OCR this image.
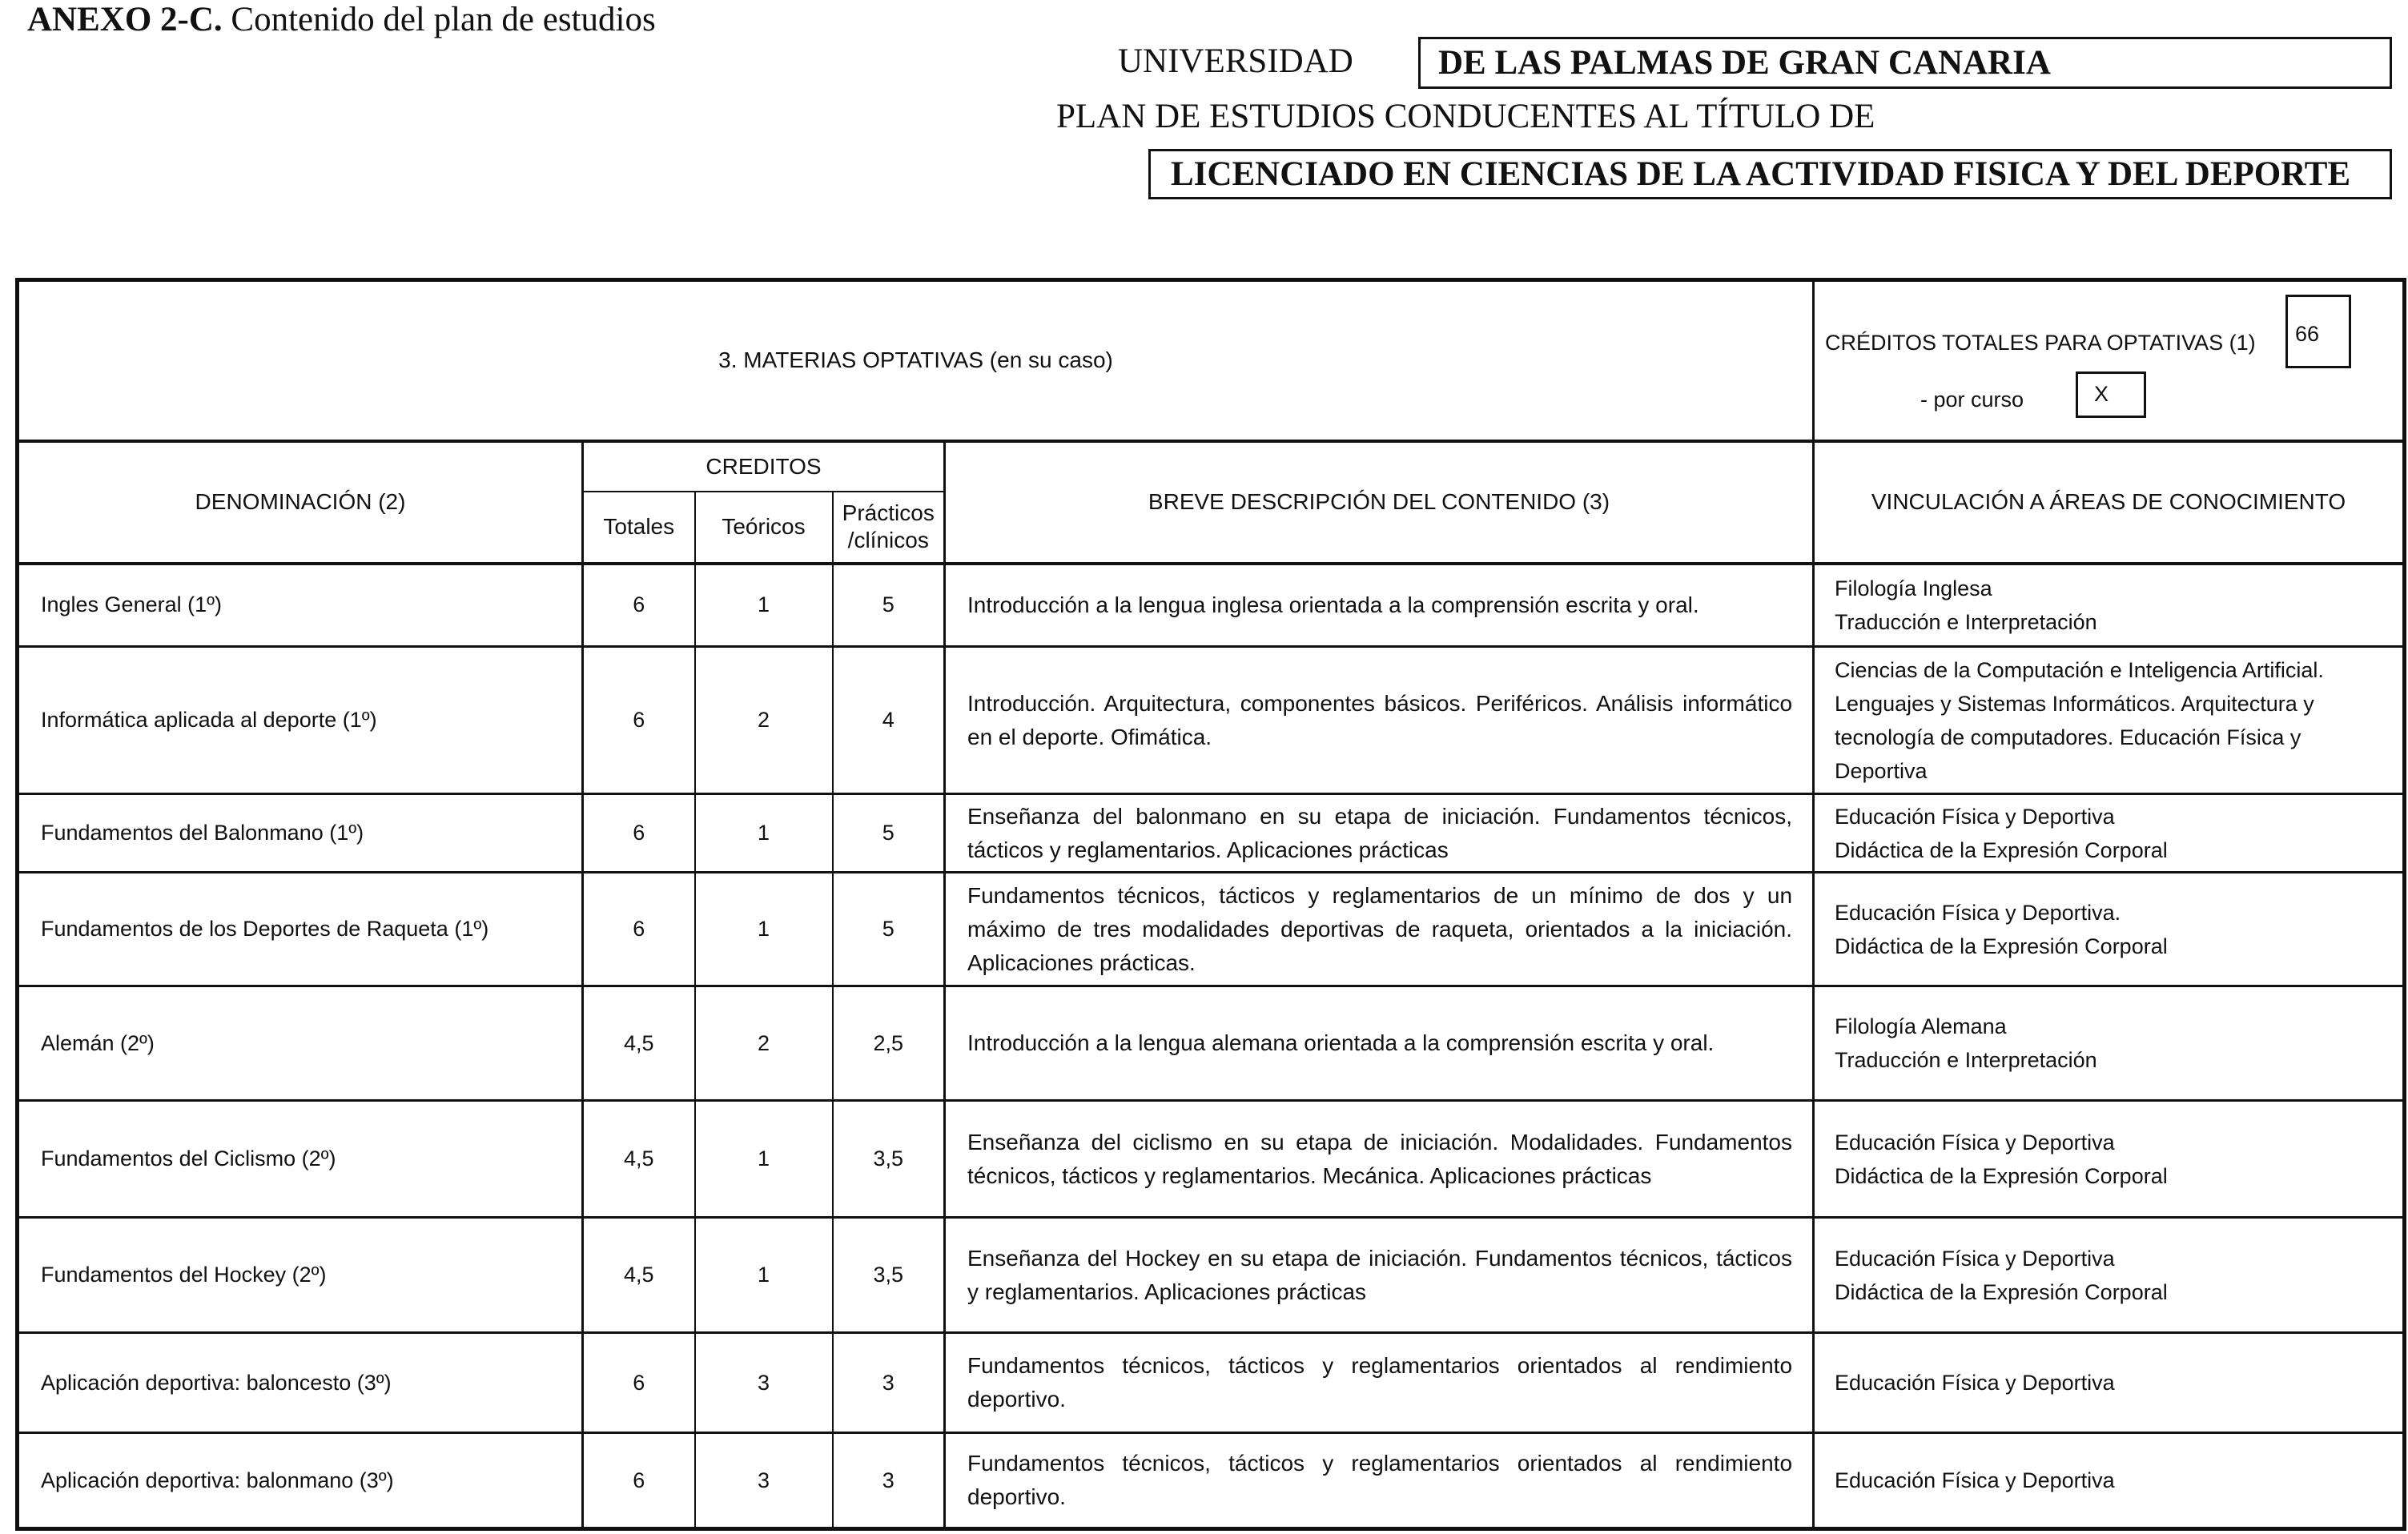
ANEXO 2-C. Contenido del plan de estudios
UNIVERSIDAD DE LAS PALMAS DE GRAN CANARIA
PLAN DE ESTUDIOS CONDUCENTES AL TÍTULO DE
LICENCIADO EN CIENCIAS DE LA ACTIVIDAD FISICA Y DEL DEPORTE
3. MATERIAS OPTATIVAS (en su caso)					CRÉDITOS TOTALES PARA OPTATIVAS (1) 66
- por curso X

DENOMINACIÓN (2)	CREDITOS			BREVE DESCRIPCIÓN DEL CONTENIDO (3)	VINCULACIÓN A ÁREAS DE CONOCIMIENTO
	Totales	Teóricos	Prácticos
/clínicos		
Ingles General (1º)	6	1	5	Introducción a la lengua inglesa orientada a la comprensión escrita y oral.	Filología Inglesa
Traducción e Interpretación
Informática aplicada al deporte (1º)	6	2	4	Introducción. Arquitectura, componentes básicos. Periféricos. Análisis informático en el deporte. Ofimática.	Ciencias de la Computación e Inteligencia Artificial.
Lenguajes y Sistemas Informáticos. Arquitectura y
tecnología de computadores. Educación Física y
Deportiva
Fundamentos del Balonmano (1º)	6	1	5	Enseñanza del balonmano en su etapa de iniciación. Fundamentos técnicos, tácticos y reglamentarios. Aplicaciones prácticas	Educación Física y Deportiva
Didáctica de la Expresión Corporal
Fundamentos de los Deportes de Raqueta (1º)	6	1	5	Fundamentos técnicos, tácticos y reglamentarios de un mínimo de dos y un máximo de tres modalidades deportivas de raqueta, orientados a la iniciación. Aplicaciones prácticas.	Educación Física y Deportiva.
Didáctica de la Expresión Corporal
Alemán (2º)	4,5	2	2,5	Introducción a la lengua alemana orientada a la comprensión escrita y oral.	Filología Alemana
Traducción e Interpretación
Fundamentos del Ciclismo (2º)	4,5	1	3,5	Enseñanza del ciclismo en su etapa de iniciación. Modalidades. Fundamentos técnicos, tácticos y reglamentarios. Mecánica. Aplicaciones prácticas	Educación Física y Deportiva
Didáctica de la Expresión Corporal
Fundamentos del Hockey (2º)	4,5	1	3,5	Enseñanza del Hockey en su etapa de iniciación. Fundamentos técnicos, tácticos y reglamentarios. Aplicaciones prácticas	Educación Física y Deportiva
Didáctica de la Expresión Corporal
Aplicación deportiva: baloncesto (3º)	6	3	3	Fundamentos técnicos, tácticos y reglamentarios orientados al rendimiento deportivo.	Educación Física y Deportiva
Aplicación deportiva: balonmano (3º)	6	3	3	Fundamentos técnicos, tácticos y reglamentarios orientados al rendimiento deportivo.	Educación Física y Deportiva
